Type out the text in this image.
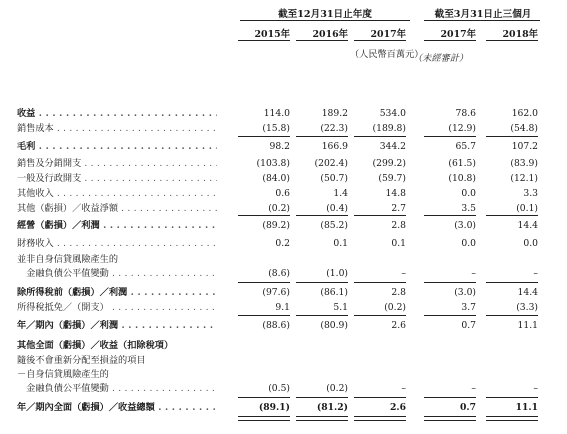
截至12月31日止年度	截至3月31日止三個月
2015年	2016年	2017年	2017年	2018年
（人民幣百萬元）
（未經審計）
收益 . . .	114.0	189.2	534.0	78.6	162.0
銷售成本 . . .	(15.8)	(22.3)	(189.8)	(12.9)	(54.8)
毛利 . . .	98.2	166.9	344.2	65.7	107.2
銷售及分銷開支 . . .	(103.8)	(202.4)	(299.2)	(61.5)	(83.9)
一般及行政開支 . . .	(84.0)	(50.7)	(59.7)	(10.8)	(12.1)
其他收入 . . .	0.6	1.4	14.8	0.0	3.3
其他（虧損）／收益淨額 . . .	(0.2)	(0.4)	2.7	3.5	(0.1)
經營（虧損）／利潤 . . .	(89.2)	(85.2)	2.8	(3.0)	14.4
財務收入 . . .	0.2	0.1	0.1	0.0	0.0
並非自身信貸風險產生的
　金融負債公平值變動 . . .	(8.6)	(1.0)	–	–	–
除所得稅前（虧損）／利潤 . . .	(97.6)	(86.1)	2.8	(3.0)	14.4
所得稅抵免／（開支） . . .	9.1	5.1	(0.2)	3.7	(3.3)
年／期內（虧損）／利潤 . . .	(88.6)	(80.9)	2.6	0.7	11.1
其他全面（虧損）／收益（扣除稅項）
隨後不會重新分配至損益的項目
－自身信貸風險產生的
　金融負債公平值變動 . . .	(0.5)	(0.2)	–	–	–
年／期內全面（虧損）／收益總額 . . .	(89.1)	(81.2)	2.6	0.7	11.1
